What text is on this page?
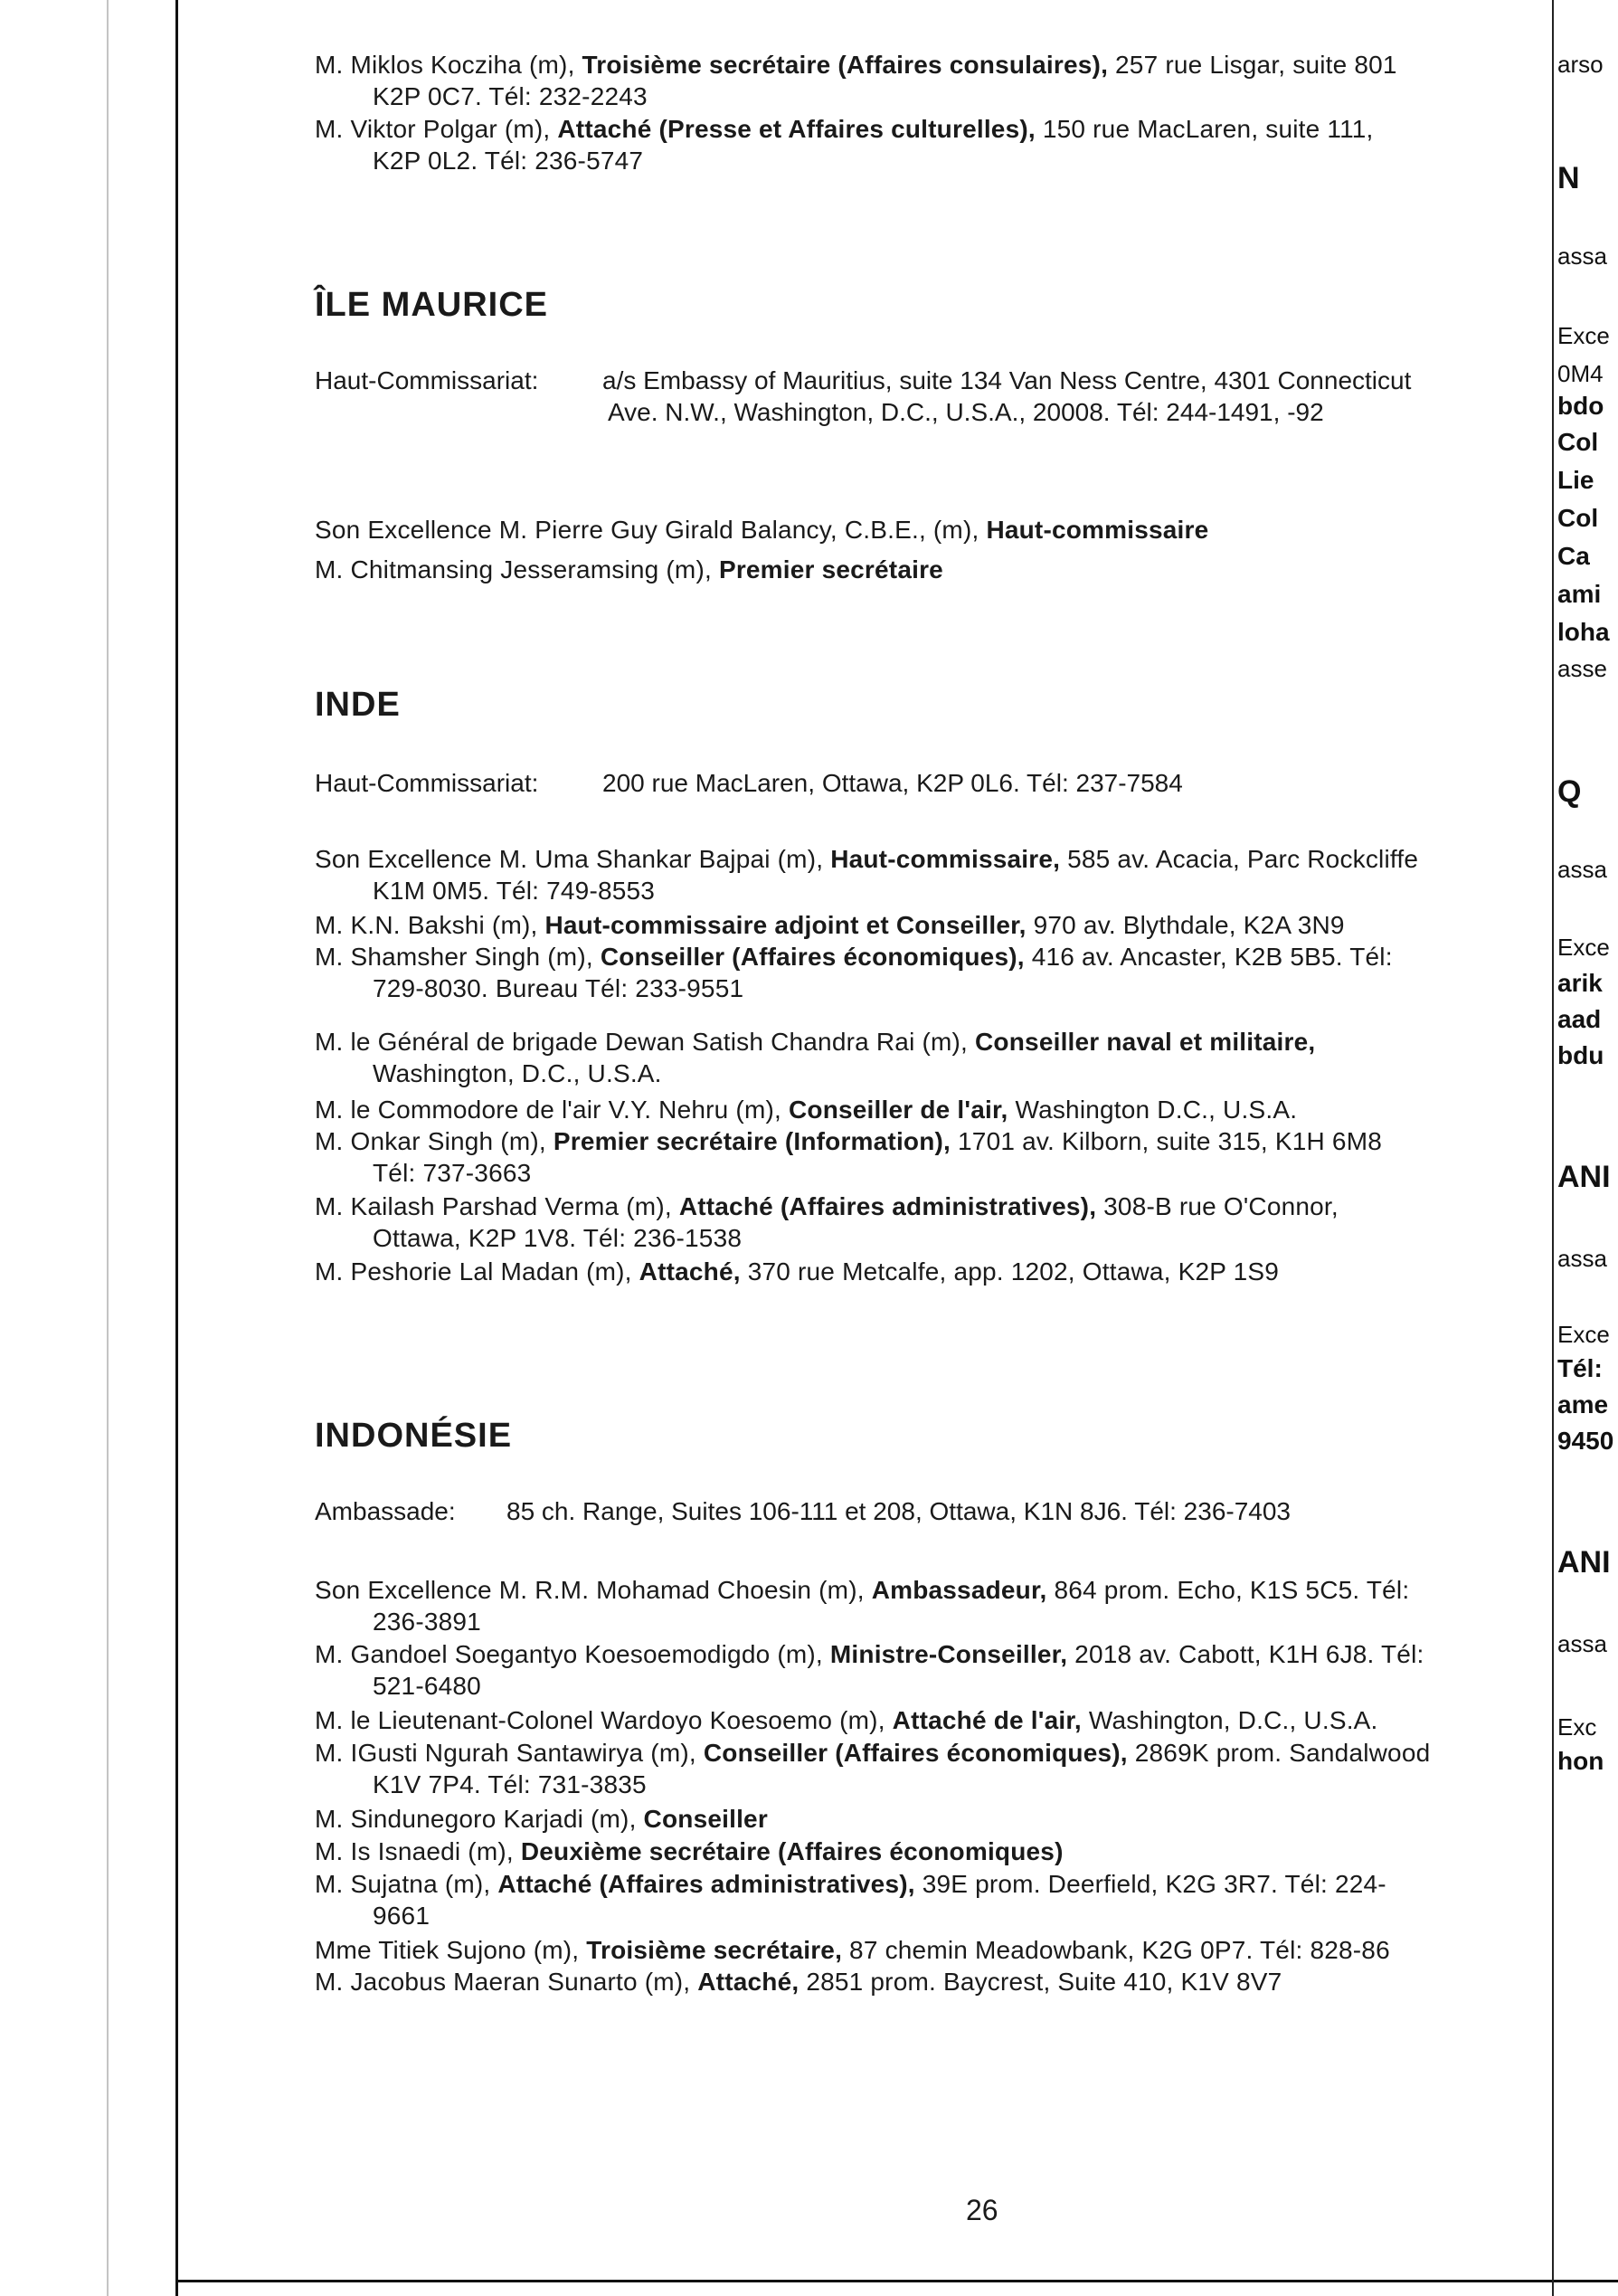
M. Miklos Kocziha (m), Troisième secrétaire (Affaires consulaires), 257 rue Lisgar, suite 801
K2P 0C7. Tél: 232-2243
M. Viktor Polgar (m), Attaché (Presse et Affaires culturelles), 150 rue MacLaren, suite 111,
K2P 0L2. Tél: 236-5747
ÎLE MAURICE
Haut-Commissariat:	a/s Embassy of Mauritius, suite 134 Van Ness Centre, 4301 Connecticut
Ave. N.W., Washington, D.C., U.S.A., 20008. Tél: 244-1491, -92
Son Excellence M. Pierre Guy Girald Balancy, C.B.E., (m), Haut-commissaire
M. Chitmansing Jesseramsing (m), Premier secrétaire
INDE
Haut-Commissariat:	200 rue MacLaren, Ottawa, K2P 0L6. Tél: 237-7584
Son Excellence M. Uma Shankar Bajpai (m), Haut-commissaire, 585 av. Acacia, Parc Rockcliffe
K1M 0M5. Tél: 749-8553
M. K.N. Bakshi (m), Haut-commissaire adjoint et Conseiller, 970 av. Blythdale, K2A 3N9
M. Shamsher Singh (m), Conseiller (Affaires économiques), 416 av. Ancaster, K2B 5B5. Tél:
729-8030. Bureau Tél: 233-9551
M. le Général de brigade Dewan Satish Chandra Rai (m), Conseiller naval et militaire,
Washington, D.C., U.S.A.
M. le Commodore de l'air V.Y. Nehru (m), Conseiller de l'air, Washington D.C., U.S.A.
M. Onkar Singh (m), Premier secrétaire (Information), 1701 av. Kilborn, suite 315, K1H 6M8
Tél: 737-3663
M. Kailash Parshad Verma (m), Attaché (Affaires administratives), 308-B rue O'Connor,
Ottawa, K2P 1V8. Tél: 236-1538
M. Peshorie Lal Madan (m), Attaché, 370 rue Metcalfe, app. 1202, Ottawa, K2P 1S9
INDONÉSIE
Ambassade: 85 ch. Range, Suites 106-111 et 208, Ottawa, K1N 8J6. Tél: 236-7403
Son Excellence M. R.M. Mohamad Choesin (m), Ambassadeur, 864 prom. Echo, K1S 5C5. Tél:
236-3891
M. Gandoel Soegantyo Koesoemodigdo (m), Ministre-Conseiller, 2018 av. Cabott, K1H 6J8. Tél:
521-6480
M. le Lieutenant-Colonel Wardoyo Koesoemo (m), Attaché de l'air, Washington, D.C., U.S.A.
M. IGusti Ngurah Santawirya (m), Conseiller (Affaires économiques), 2869K prom. Sandalwood
K1V 7P4. Tél: 731-3835
M. Sindunegoro Karjadi (m), Conseiller
M. Is Isnaedi (m), Deuxième secrétaire (Affaires économiques)
M. Sujatna (m), Attaché (Affaires administratives), 39E prom. Deerfield, K2G 3R7. Tél: 224-
9661
Mme Titiek Sujono (m), Troisième secrétaire, 87 chemin Meadowbank, K2G 0P7. Tél: 828-86
M. Jacobus Maeran Sunarto (m), Attaché, 2851 prom. Baycrest, Suite 410, K1V 8V7
26
arso
N
assa
Exce
0M4
bdo
Col
Lie
Col
Ca
ami
loha
asse
Q
assa
Exce
arik
aad
bdu
ANI
assa
Exce
Tél:
ame
9450
ANI
assa
Exc
hon
